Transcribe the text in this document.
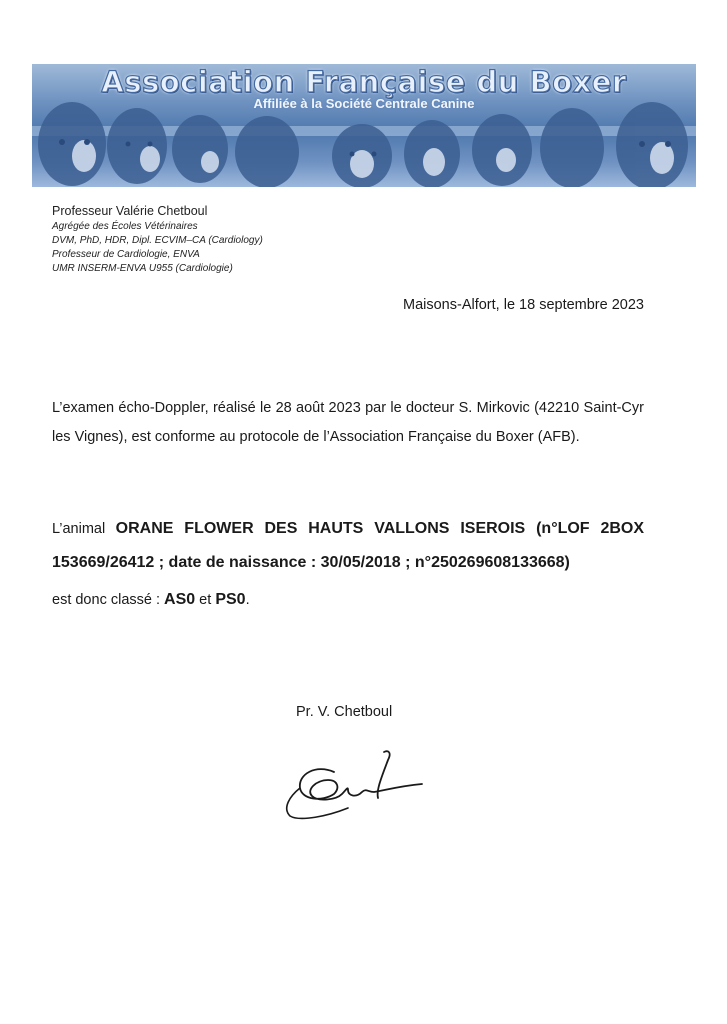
Association Française du Boxer
Affiliée à la Société Centrale Canine
Professeur Valérie Chetboul
Agrégée des Écoles Vétérinaires
DVM, PhD, HDR, Dipl. ECVIM–CA (Cardiology)
Professeur de Cardiologie, ENVA
UMR INSERM-ENVA U955 (Cardiologie)
Maisons-Alfort, le 18 septembre 2023
L’examen écho-Doppler, réalisé le 28 août 2023 par le docteur S. Mirkovic (42210 Saint-Cyr les Vignes), est conforme au protocole de l’Association Française du Boxer (AFB).
L’animal ORANE FLOWER DES HAUTS VALLONS ISEROIS (n°LOF 2BOX 153669/26412 ; date de naissance : 30/05/2018 ; n°250269608133668)
est donc classé : AS0 et PS0.
Pr. V. Chetboul
